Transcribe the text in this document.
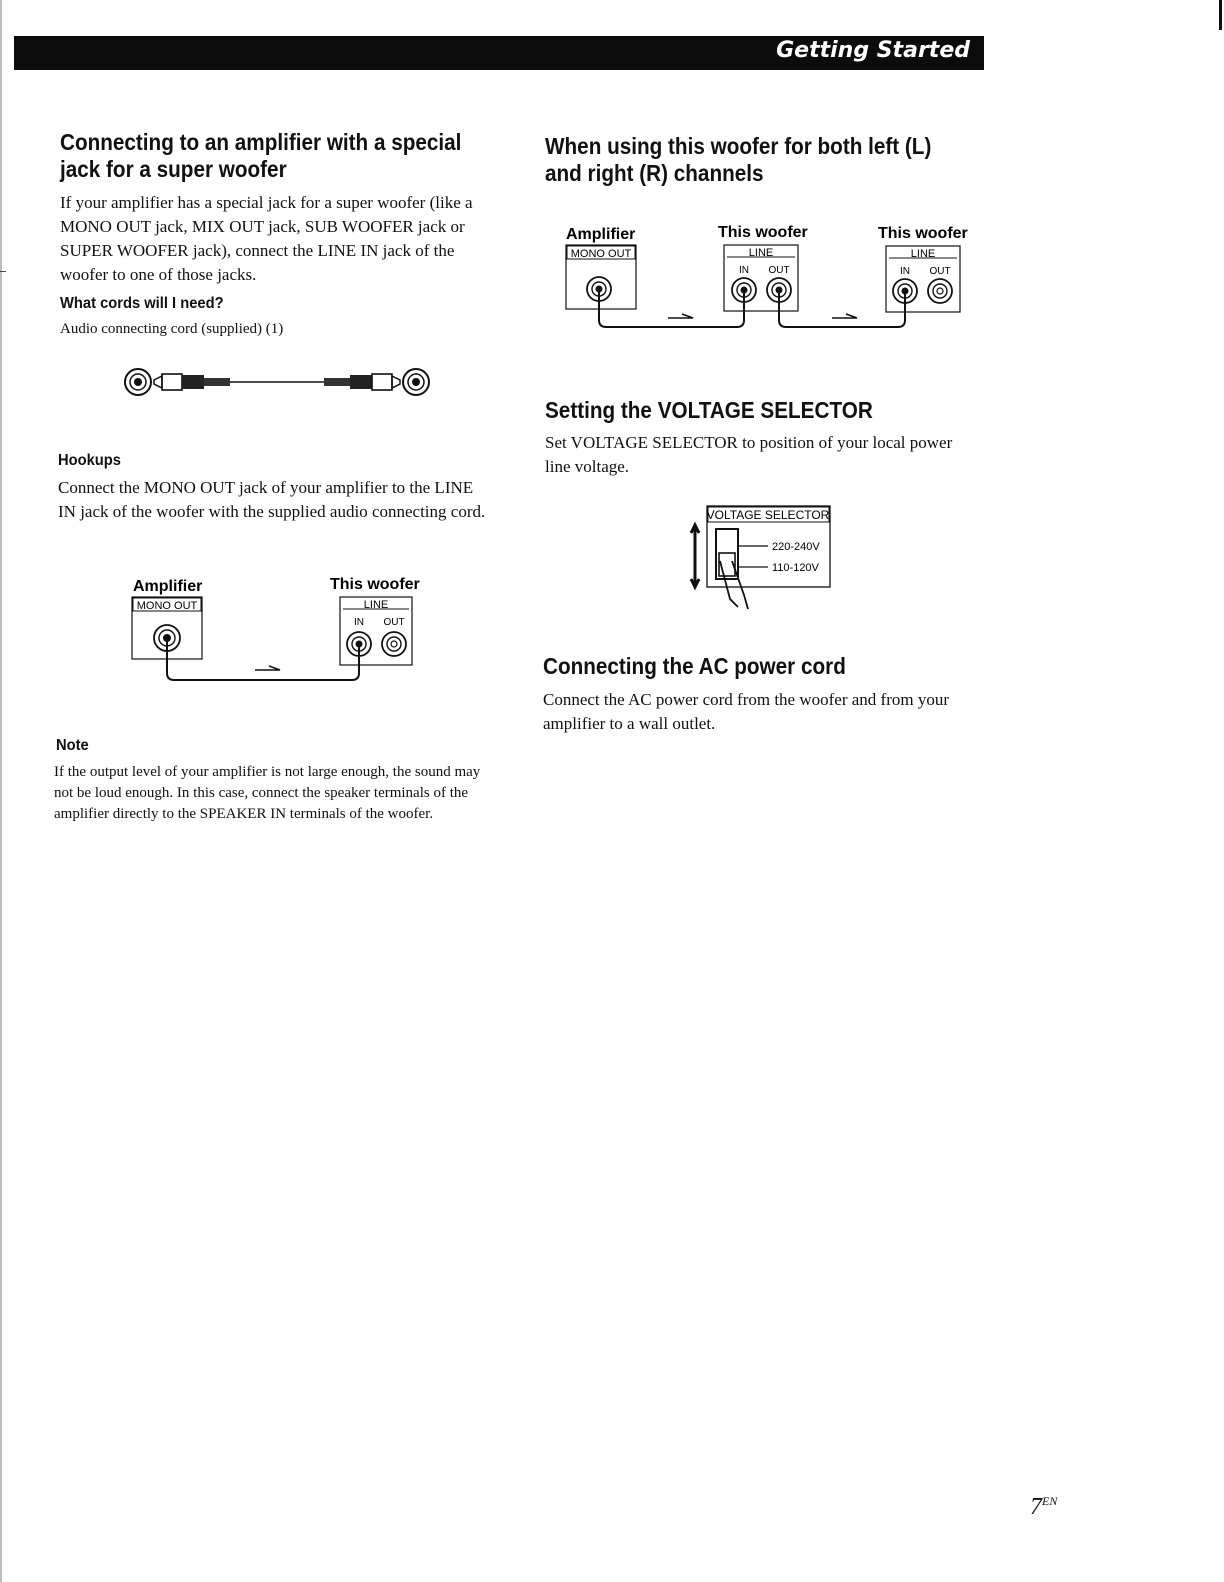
Getting Started
Connecting to an amplifier with a special jack for a super woofer

If your amplifier has a special jack for a super woofer (like a MONO OUT jack, MIX OUT jack, SUB WOOFER jack or SUPER WOOFER jack), connect the LINE IN jack of the woofer to one of those jacks.

What cords will I need?

Audio connecting cord (supplied) (1)

Hookups

Connect the MONO OUT jack of your amplifier to the LINE IN jack of the woofer with the supplied audio connecting cord.

Amplifier	This woofer
MONO OUT	LINE
IN OUT
Note

If the output level of your amplifier is not large enough, the sound may not be loud enough. In this case, connect the speaker terminals of the amplifier directly to the SPEAKER IN terminals of the woofer.

When using this woofer for both left (L) and right (R) channels
Amplifier	This woofer	This woofer
MONO OUT	LINE
IN OUT
LINE
IN OUT
Setting the VOLTAGE SELECTOR

Set VOLTAGE SELECTOR to position of your local power line voltage.

VOLTAGE SELECTOR
220-240V
110-120V
Connecting the AC power cord

Connect the AC power cord from the woofer and from your amplifier to a wall outlet.

$7^{EN}$
